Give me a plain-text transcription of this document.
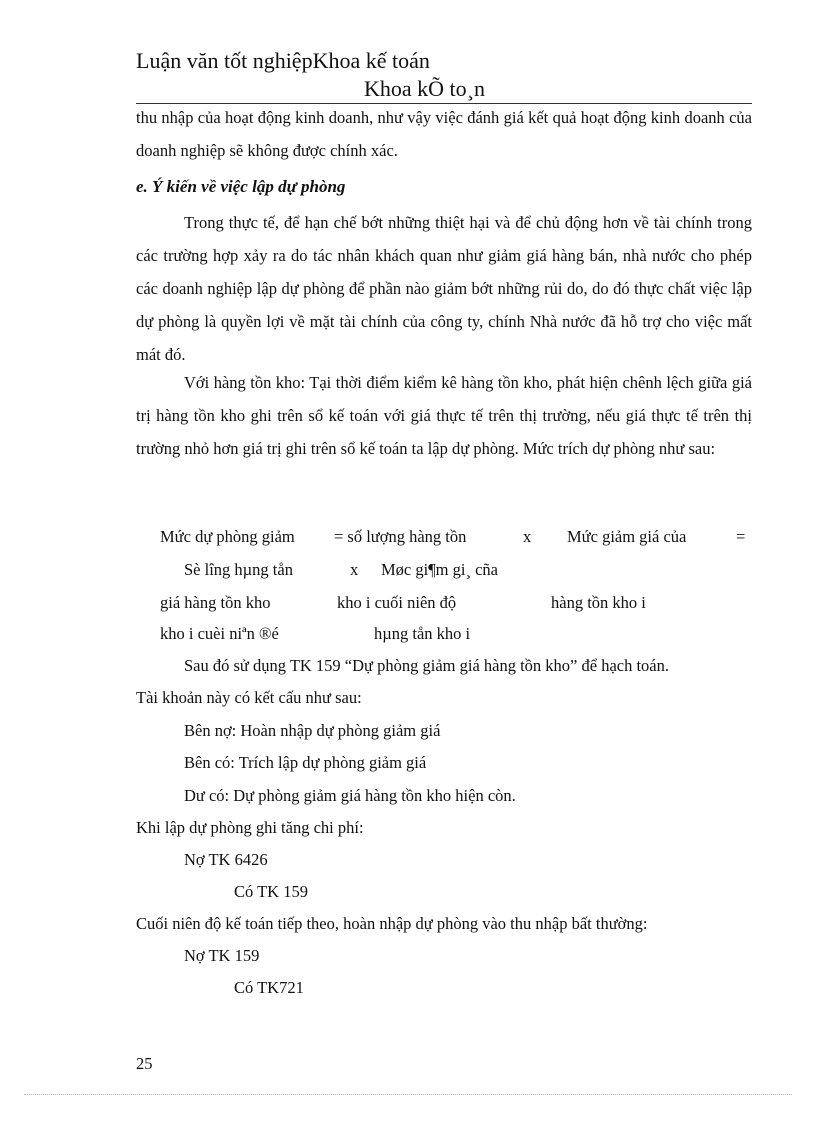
Luận văn tốt nghiệpKhoa kế toán
Khoa kÕ to¸n
thu nhập của hoạt động kinh doanh, như vậy việc đánh giá kết quả hoạt động kinh doanh của doanh nghiệp sẽ không được chính xác.
e. Ý kiến về việc lập dự phòng
Trong thực tế, để hạn chế bớt những thiệt hại và để chủ động hơn về tài chính trong các trường hợp xảy ra do tác nhân khách quan như giảm giá hàng bán, nhà nước cho phép các doanh nghiệp lập dự phòng để phần nào giảm bớt những rủi do, do đó thực chất việc lập dự phòng là quyền lợi về mặt tài chính của công ty, chính Nhà nước đã hỗ trợ cho việc mất mát đó.
Với hàng tồn kho: Tại thời điểm kiểm kê hàng tồn kho, phát hiện chênh lệch giữa giá trị hàng tồn kho ghi trên sổ kế toán với giá thực tế trên thị trường, nếu giá thực tế trên thị trường nhỏ hơn giá trị ghi trên sổ kế toán ta lập dự phòng. Mức trích dự phòng như sau:
Mức dự phòng giảm = số lượng hàng tồn	x Mức giảm giá của	=
Sè lîng hµng tån	x Møc gi¶m gi¸ cña
giá hàng tồn kho	kho i cuối niên độ	hàng tồn kho i
kho i cuèi niªn ®é	hµng tån kho i
Sau đó sử dụng TK 159 “Dự phòng giảm giá hàng tồn kho” để hạch toán.
Tài khoản này có kết cấu như sau:
Bên nợ: Hoàn nhập dự phòng giảm giá
Bên có: Trích lập dự phòng giảm giá
Dư có: Dự phòng giảm giá hàng tồn kho hiện còn.
Khi lập dự phòng ghi tăng chi phí:
Nợ TK 6426
Có TK 159
Cuối niên độ kế toán tiếp theo, hoàn nhập dự phòng vào thu nhập bất thường:
Nợ TK 159
Có TK721
25
